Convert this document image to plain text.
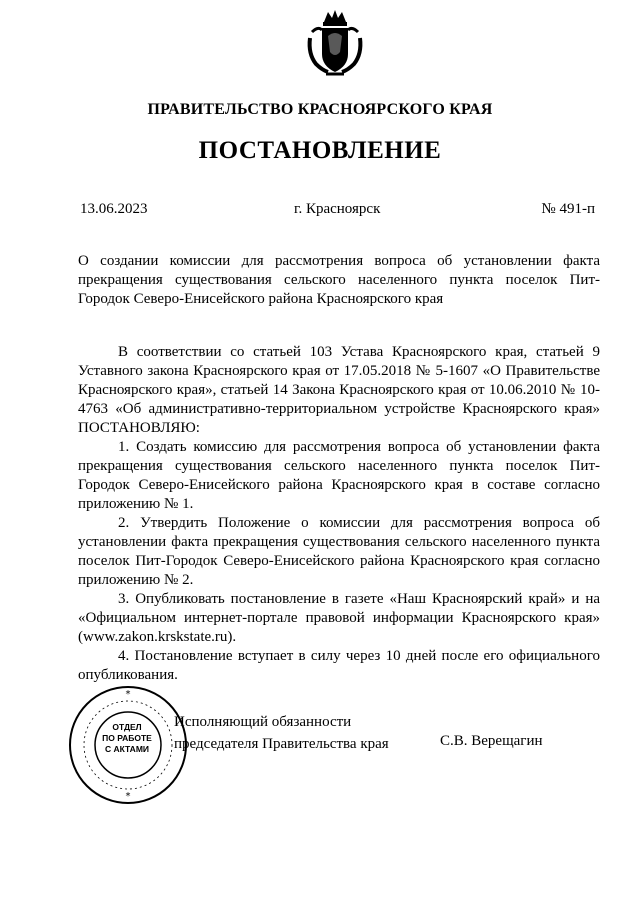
ПРАВИТЕЛЬСТВО КРАСНОЯРСКОГО КРАЯ
ПОСТАНОВЛЕНИЕ
13.06.2023	г. Красноярск	№ 491-п
О создании комиссии для рассмотрения вопроса об установлении факта прекращения существования сельского населенного пункта поселок Пит-Городок Северо-Енисейского района Красноярского края

В соответствии со статьей 103 Устава Красноярского края, статьей 9 Уставного закона Красноярского края от 17.05.2018 № 5-1607 «О Правительстве Красноярского края», статьей 14 Закона Красноярского края от 10.06.2010 № 10-4763 «Об административно-территориальном устройстве Красноярского края» ПОСТАНОВЛЯЮ:

1. Создать комиссию для рассмотрения вопроса об установлении факта прекращения существования сельского населенного пункта поселок Пит-Городок Северо-Енисейского района Красноярского края в составе согласно приложению № 1.

2. Утвердить Положение о комиссии для рассмотрения вопроса об установлении факта прекращения существования сельского населенного пункта поселок Пит-Городок Северо-Енисейского района Красноярского края согласно приложению № 2.

3. Опубликовать постановление в газете «Наш Красноярский край» и на «Официальном интернет-портале правовой информации Красноярского края» (www.zakon.krskstate.ru).

4. Постановление вступает в силу через 10 дней после его официального опубликования.

*
*
ОТДЕЛ
ПО РАБОТЕ
С АКТАМИ
Исполняющий обязанности
председателя Правительства края	С.В. Верещагин
